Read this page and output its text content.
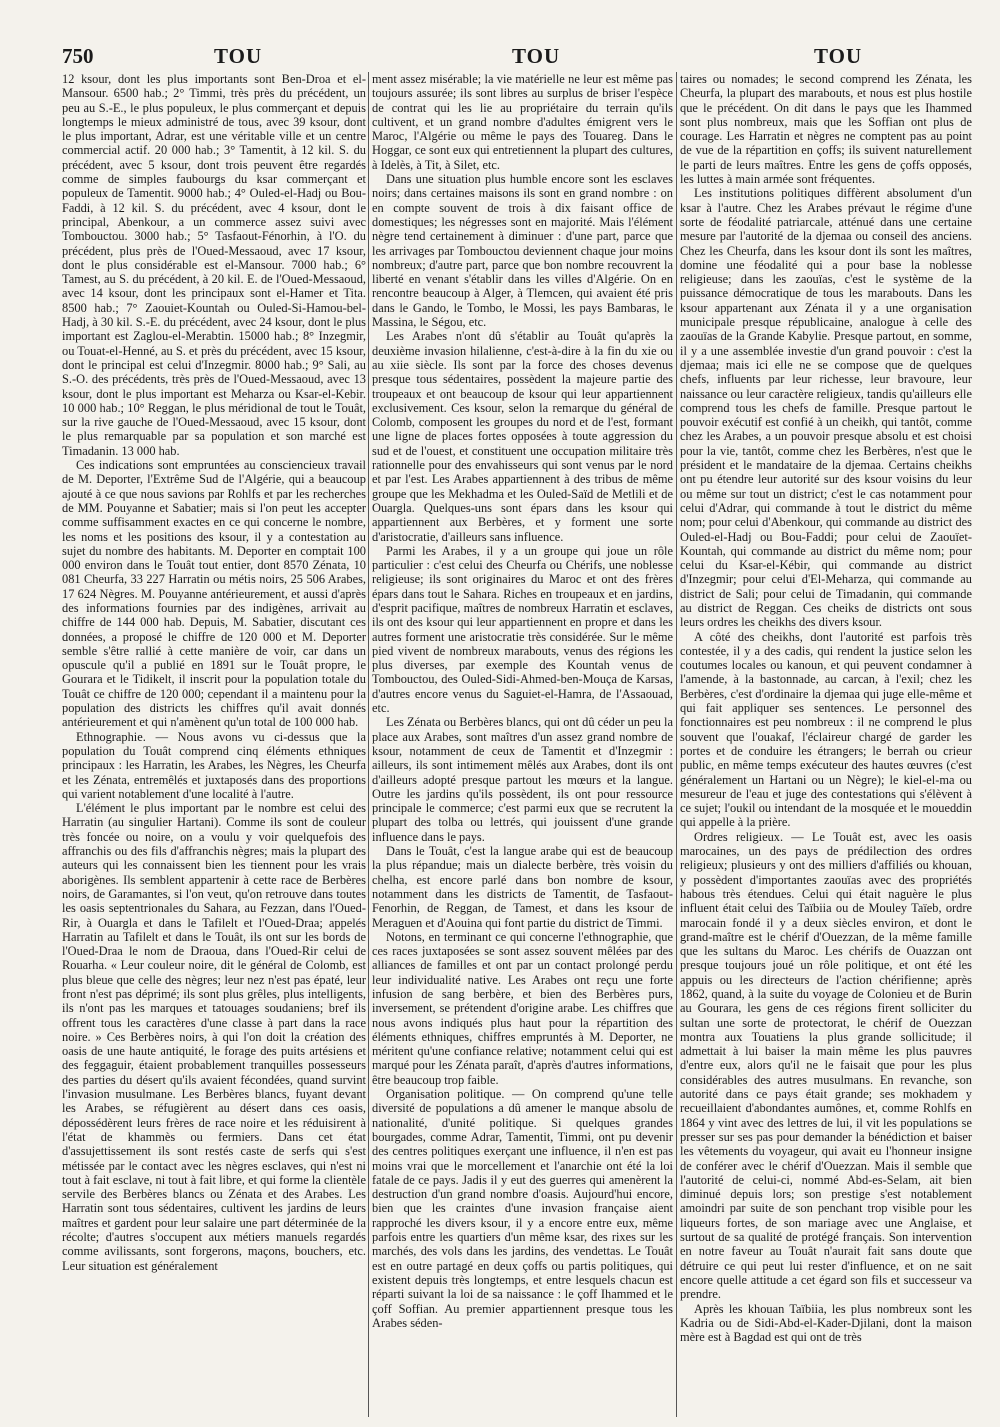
750	TOU	TOU	TOU

12 ksour, dont les plus importants sont Ben-Droa et el-Mansour. 6500 hab.; 2° Timmi, très près du précédent, un peu au S.-E., le plus populeux, le plus commerçant et depuis longtemps le mieux administré de tous, avec 39 ksour, dont le plus important, Adrar, est une véritable ville et un centre commercial actif. 20 000 hab.; 3° Tamentit, à 12 kil. S. du précédent, avec 5 ksour, dont trois peuvent être regardés comme de simples faubourgs du ksar commerçant et populeux de Tamentit. 9000 hab.; 4° Ouled-el-Hadj ou Bou-Faddi, à 12 kil. S. du précédent, avec 4 ksour, dont le principal, Abenkour, a un commerce assez suivi avec Tombouctou. 3000 hab.; 5° Tasfaout-Fénorhin, à l'O. du précédent, plus près de l'Oued-Messaoud, avec 17 ksour, dont le plus considérable est el-Mansour. 7000 hab.; 6° Tamest, au S. du précédent, à 20 kil. E. de l'Oued-Messaoud, avec 14 ksour, dont les principaux sont el-Hamer et Tita. 8500 hab.; 7° Zaouiet-Kountah ou Ouled-Si-Hamou-bel-Hadj, à 30 kil. S.-E. du précédent, avec 24 ksour, dont le plus important est Zaglou-el-Merabtin. 15000 hab.; 8° Inzegmir, ou Touat-el-Henné, au S. et près du précédent, avec 15 ksour, dont le principal est celui d'Inzegmir. 8000 hab.; 9° Sali, au S.-O. des précédents, très près de l'Oued-Messaoud, avec 13 ksour, dont le plus important est Meharza ou Ksar-el-Kebir. 10 000 hab.; 10° Reggan, le plus méridional de tout le Touât, sur la rive gauche de l'Oued-Messaoud, avec 15 ksour, dont le plus remarquable par sa population et son marché est Timadanin. 13 000 hab.

Ces indications sont empruntées au consciencieux travail de M. Deporter, l'Extrême Sud de l'Algérie, qui a beaucoup ajouté à ce que nous savions par Rohlfs et par les recherches de MM. Pouyanne et Sabatier; mais si l'on peut les accepter comme suffisamment exactes en ce qui concerne le nombre, les noms et les positions des ksour, il y a contestation au sujet du nombre des habitants. M. Deporter en comptait 100 000 environ dans le Touât tout entier, dont 8570 Zénata, 10 081 Cheurfa, 33 227 Harratin ou métis noirs, 25 506 Arabes, 17 624 Nègres. M. Pouyanne antérieurement, et aussi d'après des informations fournies par des indigènes, arrivait au chiffre de 144 000 hab. Depuis, M. Sabatier, discutant ces données, a proposé le chiffre de 120 000 et M. Deporter semble s'être rallié à cette manière de voir, car dans un opuscule qu'il a publié en 1891 sur le Touât propre, le Gourara et le Tidikelt, il inscrit pour la population totale du Touât ce chiffre de 120 000; cependant il a maintenu pour la population des districts les chiffres qu'il avait donnés antérieurement et qui n'amènent qu'un total de 100 000 hab.

Ethnographie. — Nous avons vu ci-dessus que la population du Touât comprend cinq éléments ethniques principaux : les Harratin, les Arabes, les Nègres, les Cheurfa et les Zénata, entremêlés et juxtaposés dans des proportions qui varient notablement d'une localité à l'autre.

L'élément le plus important par le nombre est celui des Harratin (au singulier Hartani). Comme ils sont de couleur très foncée ou noire, on a voulu y voir quelquefois des affranchis ou des fils d'affranchis nègres; mais la plupart des auteurs qui les connaissent bien les tiennent pour les vrais aborigènes. Ils semblent appartenir à cette race de Berbères noirs, de Garamantes, si l'on veut, qu'on retrouve dans toutes les oasis septentrionales du Sahara, au Fezzan, dans l'Oued-Rir, à Ouargla et dans le Tafilelt et l'Oued-Draa; appelés Harratin au Tafilelt et dans le Touât, ils ont sur les bords de l'Oued-Draa le nom de Draoua, dans l'Oued-Rir celui de Rouarha. « Leur couleur noire, dit le général de Colomb, est plus bleue que celle des nègres; leur nez n'est pas épaté, leur front n'est pas déprimé; ils sont plus grêles, plus intelligents, ils n'ont pas les marques et tatouages soudaniens; bref ils offrent tous les caractères d'une classe à part dans la race noire. » Ces Berbères noirs, à qui l'on doit la création des oasis de une haute antiquité, le forage des puits artésiens et des feggaguir, étaient probablement tranquilles possesseurs des parties du désert qu'ils avaient fécondées, quand survint l'invasion musulmane. Les Berbères blancs, fuyant devant les Arabes, se réfugièrent au désert dans ces oasis, dépossédèrent leurs frères de race noire et les réduisirent à l'état de khammès ou fermiers. Dans cet état d'assujettissement ils sont restés caste de serfs qui s'est métissée par le contact avec les nègres esclaves, qui n'est ni tout à fait esclave, ni tout à fait libre, et qui forme la clientèle servile des Berbères blancs ou Zénata et des Arabes. Les Harratin sont tous sédentaires, cultivent les jardins de leurs maîtres et gardent pour leur salaire une part déterminée de la récolte; d'autres s'occupent aux métiers manuels regardés comme avilissants, sont forgerons, maçons, bouchers, etc. Leur situation est généralement

ment assez misérable; la vie matérielle ne leur est même pas toujours assurée; ils sont libres au surplus de briser l'espèce de contrat qui les lie au propriétaire du terrain qu'ils cultivent, et un grand nombre d'adultes émigrent vers le Maroc, l'Algérie ou même le pays des Touareg. Dans le Hoggar, ce sont eux qui entretiennent la plupart des cultures, à Idelès, à Tit, à Silet, etc.

Dans une situation plus humble encore sont les esclaves noirs; dans certaines maisons ils sont en grand nombre : on en compte souvent de trois à dix faisant office de domestiques; les négresses sont en majorité. Mais l'élément nègre tend certainement à diminuer : d'une part, parce que les arrivages par Tombouctou deviennent chaque jour moins nombreux; d'autre part, parce que bon nombre recouvrent la liberté en venant s'établir dans les villes d'Algérie. On en rencontre beaucoup à Alger, à Tlemcen, qui avaient été pris dans le Gando, le Tombo, le Mossi, les pays Bambaras, le Massina, le Ségou, etc.

Les Arabes n'ont dû s'établir au Touât qu'après la deuxième invasion hilalienne, c'est-à-dire à la fin du xie ou au xiie siècle. Ils sont par la force des choses devenus presque tous sédentaires, possèdent la majeure partie des troupeaux et ont beaucoup de ksour qui leur appartiennent exclusivement. Ces ksour, selon la remarque du général de Colomb, composent les groupes du nord et de l'est, formant une ligne de places fortes opposées à toute aggression du sud et de l'ouest, et constituent une occupation militaire très rationnelle pour des envahisseurs qui sont venus par le nord et par l'est. Les Arabes appartiennent à des tribus de même groupe que les Mekhadma et les Ouled-Saïd de Metlili et de Ouargla. Quelques-uns sont épars dans les ksour qui appartiennent aux Berbères, et y forment une sorte d'aristocratie, d'ailleurs sans influence.

Parmi les Arabes, il y a un groupe qui joue un rôle particulier : c'est celui des Cheurfa ou Chérifs, une noblesse religieuse; ils sont originaires du Maroc et ont des frères épars dans tout le Sahara. Riches en troupeaux et en jardins, d'esprit pacifique, maîtres de nombreux Harratin et esclaves, ils ont des ksour qui leur appartiennent en propre et dans les autres forment une aristocratie très considérée. Sur le même pied vivent de nombreux marabouts, venus des régions les plus diverses, par exemple des Kountah venus de Tombouctou, des Ouled-Sidi-Ahmed-ben-Mouça de Karsas, d'autres encore venus du Saguiet-el-Hamra, de l'Assaouad, etc.

Les Zénata ou Berbères blancs, qui ont dû céder un peu la place aux Arabes, sont maîtres d'un assez grand nombre de ksour, notamment de ceux de Tamentit et d'Inzegmir : ailleurs, ils sont intimement mêlés aux Arabes, dont ils ont d'ailleurs adopté presque partout les mœurs et la langue. Outre les jardins qu'ils possèdent, ils ont pour ressource principale le commerce; c'est parmi eux que se recrutent la plupart des tolba ou lettrés, qui jouissent d'une grande influence dans le pays.

Dans le Touât, c'est la langue arabe qui est de beaucoup la plus répandue; mais un dialecte berbère, très voisin du chelha, est encore parlé dans bon nombre de ksour, notamment dans les districts de Tamentit, de Tasfaout-Fenorhin, de Reggan, de Tamest, et dans les ksour de Meraguen et d'Aouina qui font partie du district de Timmi.

Notons, en terminant ce qui concerne l'ethnographie, que ces races juxtaposées se sont assez souvent mêlées par des alliances de familles et ont par un contact prolongé perdu leur individualité native. Les Arabes ont reçu une forte infusion de sang berbère, et bien des Berbères purs, inversement, se prétendent d'origine arabe. Les chiffres que nous avons indiqués plus haut pour la répartition des éléments ethniques, chiffres empruntés à M. Deporter, ne méritent qu'une confiance relative; notamment celui qui est marqué pour les Zénata paraît, d'après d'autres informations, être beaucoup trop faible.

Organisation politique. — On comprend qu'une telle diversité de populations a dû amener le manque absolu de nationalité, d'unité politique. Si quelques grandes bourgades, comme Adrar, Tamentit, Timmi, ont pu devenir des centres politiques exerçant une influence, il n'en est pas moins vrai que le morcellement et l'anarchie ont été la loi fatale de ce pays. Jadis il y eut des guerres qui amenèrent la destruction d'un grand nombre d'oasis. Aujourd'hui encore, bien que les craintes d'une invasion française aient rapproché les divers ksour, il y a encore entre eux, même parfois entre les quartiers d'un même ksar, des rixes sur les marchés, des vols dans les jardins, des vendettas. Le Touât est en outre partagé en deux çoffs ou partis politiques, qui existent depuis très longtemps, et entre lesquels chacun est réparti suivant la loi de sa naissance : le çoff Ihammed et le çoff Soffian. Au premier appartiennent presque tous les Arabes séden-

taires ou nomades; le second comprend les Zénata, les Cheurfa, la plupart des marabouts, et nous est plus hostile que le précédent. On dit dans le pays que les Ihammed sont plus nombreux, mais que les Soffian ont plus de courage. Les Harratin et nègres ne comptent pas au point de vue de la répartition en çoffs; ils suivent naturellement le parti de leurs maîtres. Entre les gens de çoffs opposés, les luttes à main armée sont fréquentes.

Les institutions politiques diffèrent absolument d'un ksar à l'autre. Chez les Arabes prévaut le régime d'une sorte de féodalité patriarcale, atténué dans une certaine mesure par l'autorité de la djemaa ou conseil des anciens. Chez les Cheurfa, dans les ksour dont ils sont les maîtres, domine une féodalité qui a pour base la noblesse religieuse; dans les zaouïas, c'est le système de la puissance démocratique de tous les marabouts. Dans les ksour appartenant aux Zénata il y a une organisation municipale presque républicaine, analogue à celle des zaouïas de la Grande Kabylie. Presque partout, en somme, il y a une assemblée investie d'un grand pouvoir : c'est la djemaa; mais ici elle ne se compose que de quelques chefs, influents par leur richesse, leur bravoure, leur naissance ou leur caractère religieux, tandis qu'ailleurs elle comprend tous les chefs de famille. Presque partout le pouvoir exécutif est confié à un cheikh, qui tantôt, comme chez les Arabes, a un pouvoir presque absolu et est choisi pour la vie, tantôt, comme chez les Berbères, n'est que le président et le mandataire de la djemaa. Certains cheikhs ont pu étendre leur autorité sur des ksour voisins du leur ou même sur tout un district; c'est le cas notamment pour celui d'Adrar, qui commande à tout le district du même nom; pour celui d'Abenkour, qui commande au district des Ouled-el-Hadj ou Bou-Faddi; pour celui de Zaouïet-Kountah, qui commande au district du même nom; pour celui du Ksar-el-Kébir, qui commande au district d'Inzegmir; pour celui d'El-Meharza, qui commande au district de Sali; pour celui de Timadanin, qui commande au district de Reggan. Ces cheiks de districts ont sous leurs ordres les cheikhs des divers ksour.

A côté des cheikhs, dont l'autorité est parfois très contestée, il y a des cadis, qui rendent la justice selon les coutumes locales ou kanoun, et qui peuvent condamner à l'amende, à la bastonnade, au carcan, à l'exil; chez les Berbères, c'est d'ordinaire la djemaa qui juge elle-même et qui fait appliquer ses sentences. Le personnel des fonctionnaires est peu nombreux : il ne comprend le plus souvent que l'ouakaf, l'éclaireur chargé de garder les portes et de conduire les étrangers; le berrah ou crieur public, en même temps exécuteur des hautes œuvres (c'est généralement un Hartani ou un Nègre); le kiel-el-ma ou mesureur de l'eau et juge des contestations qui s'élèvent à ce sujet; l'oukil ou intendant de la mosquée et le moueddin qui appelle à la prière.

Ordres religieux. — Le Touât est, avec les oasis marocaines, un des pays de prédilection des ordres religieux; plusieurs y ont des milliers d'affiliés ou khouan, y possèdent d'importantes zaouïas avec des propriétés habous très étendues. Celui qui était naguère le plus influent était celui des Taïbiia ou de Mouley Taïeb, ordre marocain fondé il y a deux siècles environ, et dont le grand-maître est le chérif d'Ouezzan, de la même famille que les sultans du Maroc. Les chérifs de Ouazzan ont presque toujours joué un rôle politique, et ont été les appuis ou les directeurs de l'action chérifienne; après 1862, quand, à la suite du voyage de Colonieu et de Burin au Gourara, les gens de ces régions firent solliciter du sultan une sorte de protectorat, le chérif de Ouezzan montra aux Touatiens la plus grande sollicitude; il admettait à lui baiser la main même les plus pauvres d'entre eux, alors qu'il ne le faisait que pour les plus considérables des autres musulmans. En revanche, son autorité dans ce pays était grande; ses mokhadem y recueillaient d'abondantes aumônes, et, comme Rohlfs en 1864 y vint avec des lettres de lui, il vit les populations se presser sur ses pas pour demander la bénédiction et baiser les vêtements du voyageur, qui avait eu l'honneur insigne de conférer avec le chérif d'Ouezzan. Mais il semble que l'autorité de celui-ci, nommé Abd-es-Selam, ait bien diminué depuis lors; son prestige s'est notablement amoindri par suite de son penchant trop visible pour les liqueurs fortes, de son mariage avec une Anglaise, et surtout de sa qualité de protégé français. Son intervention en notre faveur au Touât n'aurait fait sans doute que détruire ce qui peut lui rester d'influence, et on ne sait encore quelle attitude a cet égard son fils et successeur va prendre.

Après les khouan Taïbiia, les plus nombreux sont les Kadria ou de Sidi-Abd-el-Kader-Djilani, dont la maison mère est à Bagdad est qui ont de très
